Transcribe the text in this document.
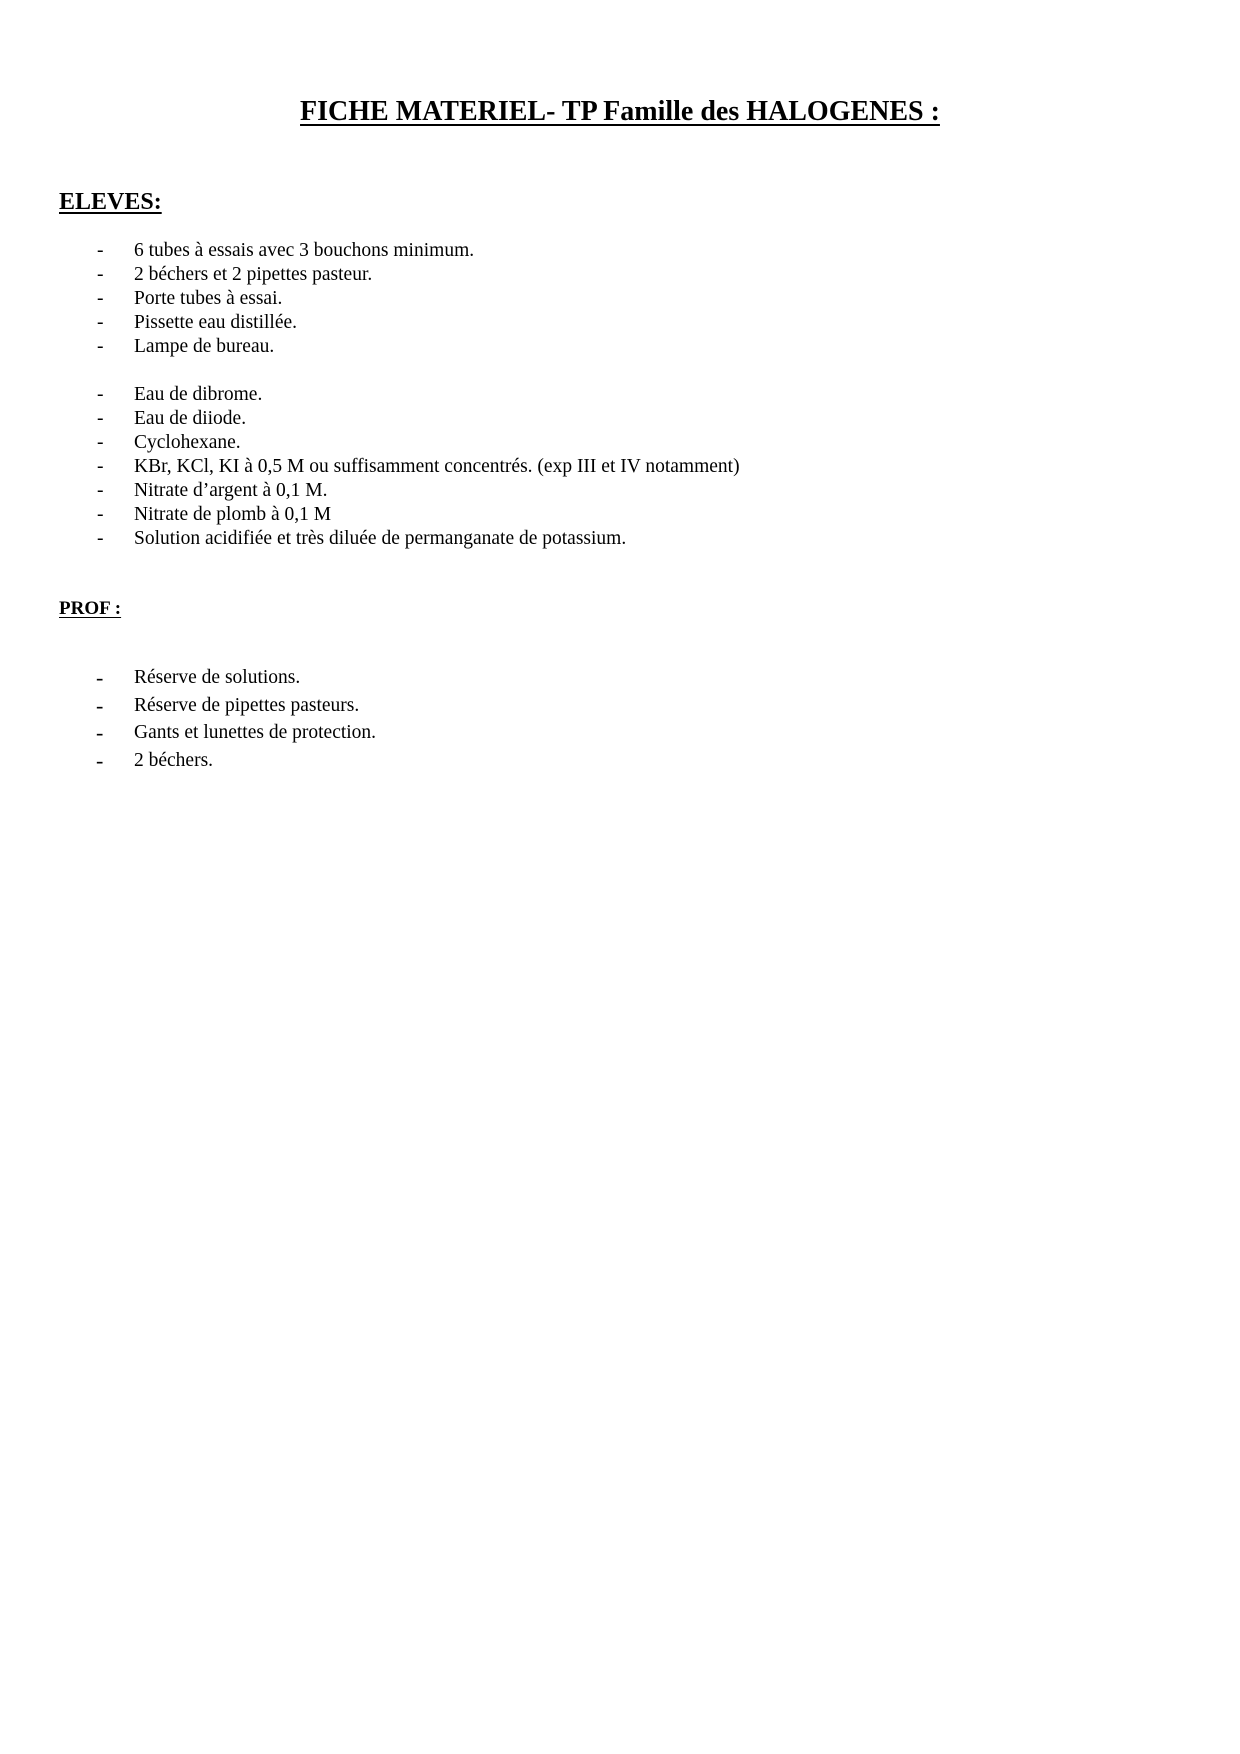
FICHE MATERIEL- TP Famille des HALOGENES :
ELEVES:
- 6 tubes à essais avec 3 bouchons minimum.
- 2 béchers et 2 pipettes pasteur.
- Porte tubes à essai.
- Pissette eau distillée.
- Lampe de bureau.
- Eau de dibrome.
- Eau de diiode.
- Cyclohexane.
- KBr, KCl, KI à 0,5 M ou suffisamment concentrés. (exp III et IV notamment)
- Nitrate d’argent à 0,1 M.
- Nitrate de plomb à 0,1 M
- Solution acidifiée et très diluée de permanganate de potassium.
PROF :
- Réserve de solutions.
- Réserve de pipettes pasteurs.
- Gants et lunettes de protection.
- 2 béchers.
